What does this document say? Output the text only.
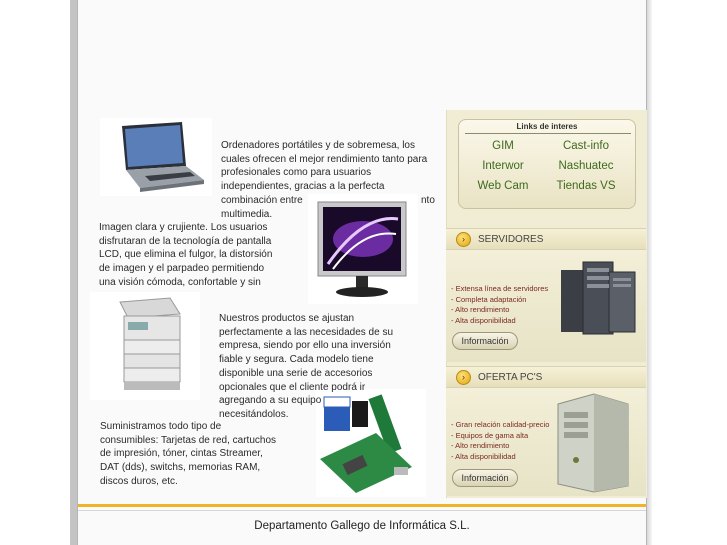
Ordenadores portátiles y de sobremesa, los
cuales ofrecen el mejor rendimiento tanto para
profesionales como para usuarios
independientes, gracias a la perfecta
combinación entre
multimedia.
nto
Imagen clara y crujiente. Los usuarios
disfrutaran de la tecnología de pantalla
LCD, que elimina el fulgor, la distorsión
de imagen y el parpadeo permitiendo
una visión cómoda, confortable y sin
Nuestros productos se ajustan
perfectamente a las necesidades de su
empresa, siendo por ello una inversión
fiable y segura. Cada modelo tiene
disponible una serie de accesorios
opcionales que el cliente podrá ir
agregando a su equipo
necesitándolos.
Suministramos todo tipo de
consumibles: Tarjetas de red, cartuchos
de impresión, tóner, cintas Streamer,
DAT (dds), switchs, memorias RAM,
discos duros, etc.
Links de interes
GIM	Cast-info
Interwor	Nashuatec
Web Cam	Tiendas VS
›	SERVIDORES
- Extensa línea de servidores
- Completa adaptación
- Alto rendimiento
- Alta disponibilidad
Información
›	OFERTA PC'S
- Gran relación calidad-precio
- Equipos de gama alta
- Alto rendimiento
- Alta disponibilidad
Información
Departamento Gallego de Informática S.L.
